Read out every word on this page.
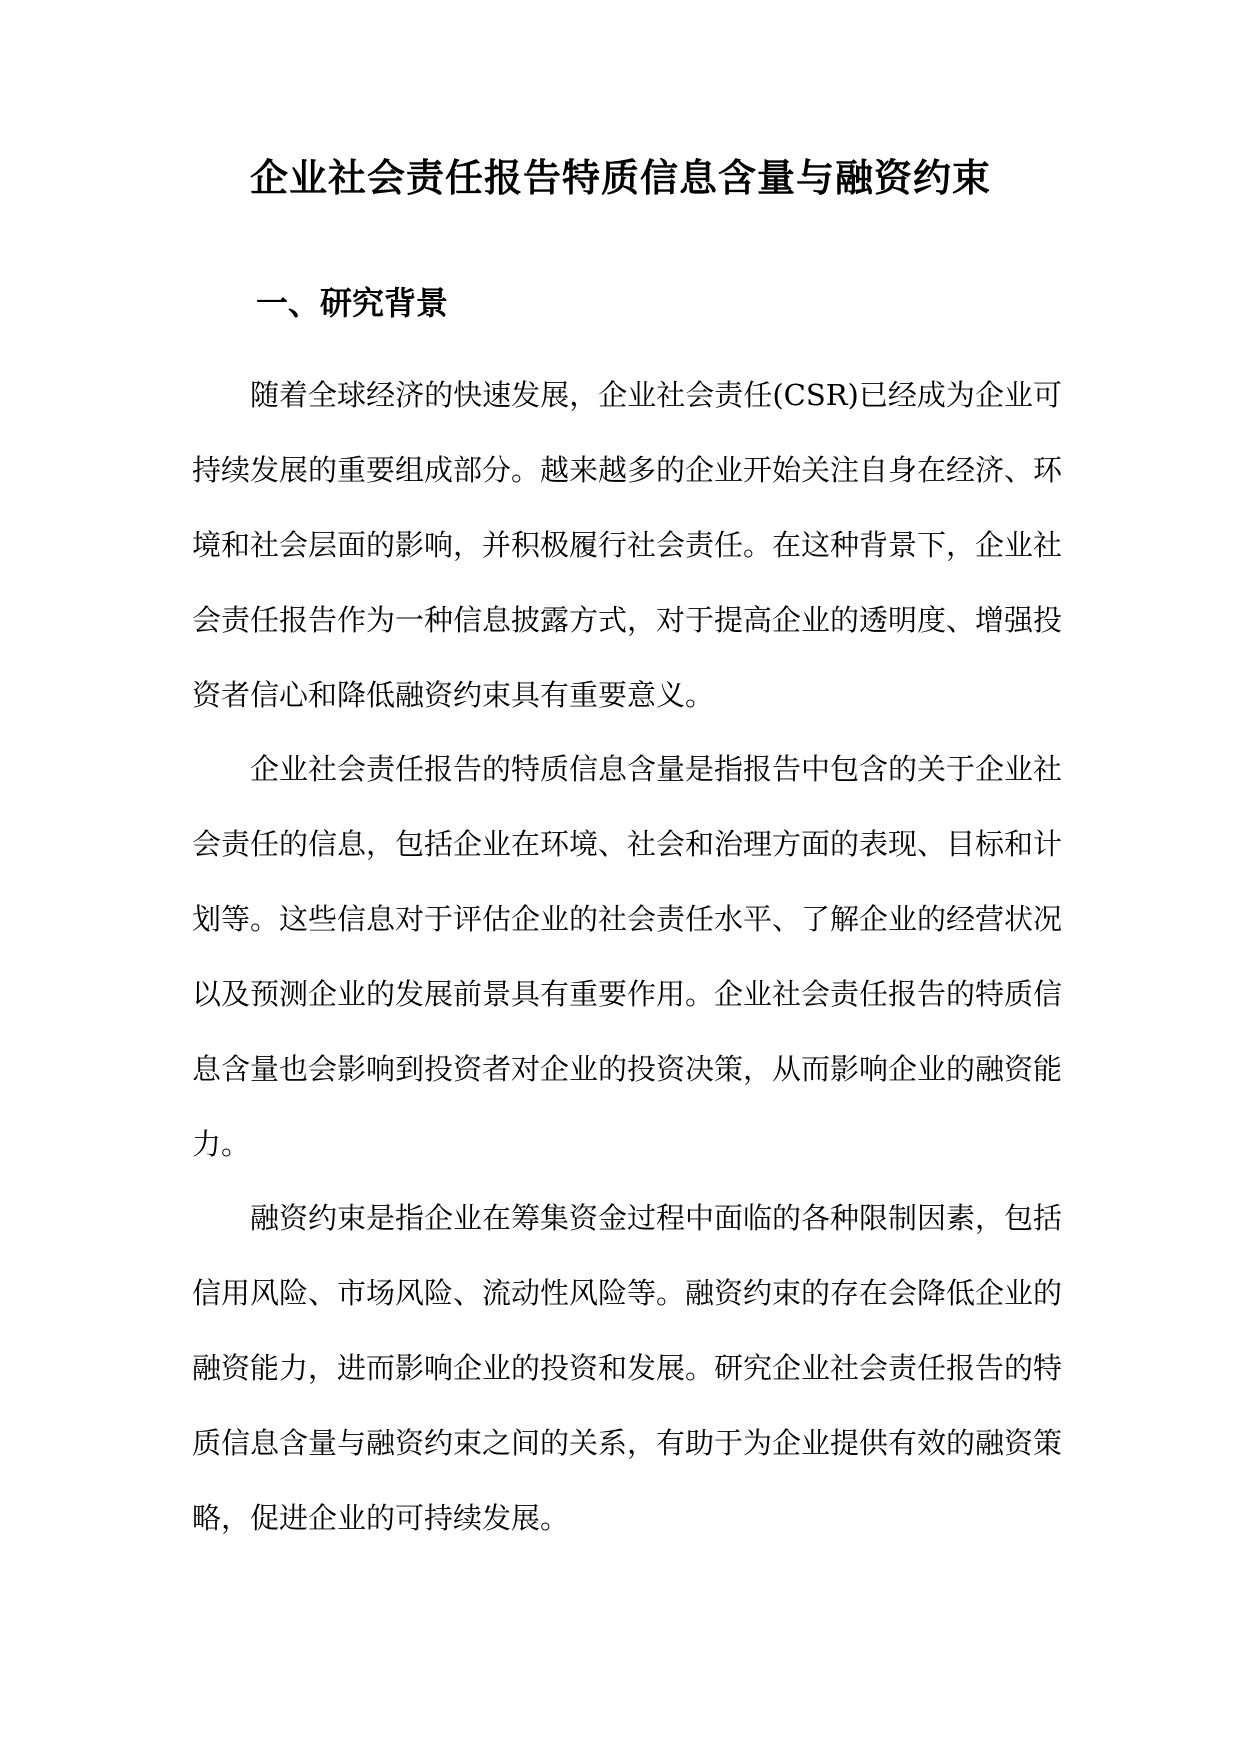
企业社会责任报告特质信息含量与融资约束
一、研究背景

随着全球经济的快速发展，企业社会责任(CSR)已经成为企业可持续发展的重要组成部分。越来越多的企业开始关注自身在经济、环境和社会层面的影响，并积极履行社会责任。在这种背景下，企业社会责任报告作为一种信息披露方式，对于提高企业的透明度、增强投资者信心和降低融资约束具有重要意义。

企业社会责任报告的特质信息含量是指报告中包含的关于企业社会责任的信息，包括企业在环境、社会和治理方面的表现、目标和计划等。这些信息对于评估企业的社会责任水平、了解企业的经营状况以及预测企业的发展前景具有重要作用。企业社会责任报告的特质信息含量也会影响到投资者对企业的投资决策，从而影响企业的融资能力。

融资约束是指企业在筹集资金过程中面临的各种限制因素，包括信用风险、市场风险、流动性风险等。融资约束的存在会降低企业的融资能力，进而影响企业的投资和发展。研究企业社会责任报告的特质信息含量与融资约束之间的关系，有助于为企业提供有效的融资策略，促进企业的可持续发展。
